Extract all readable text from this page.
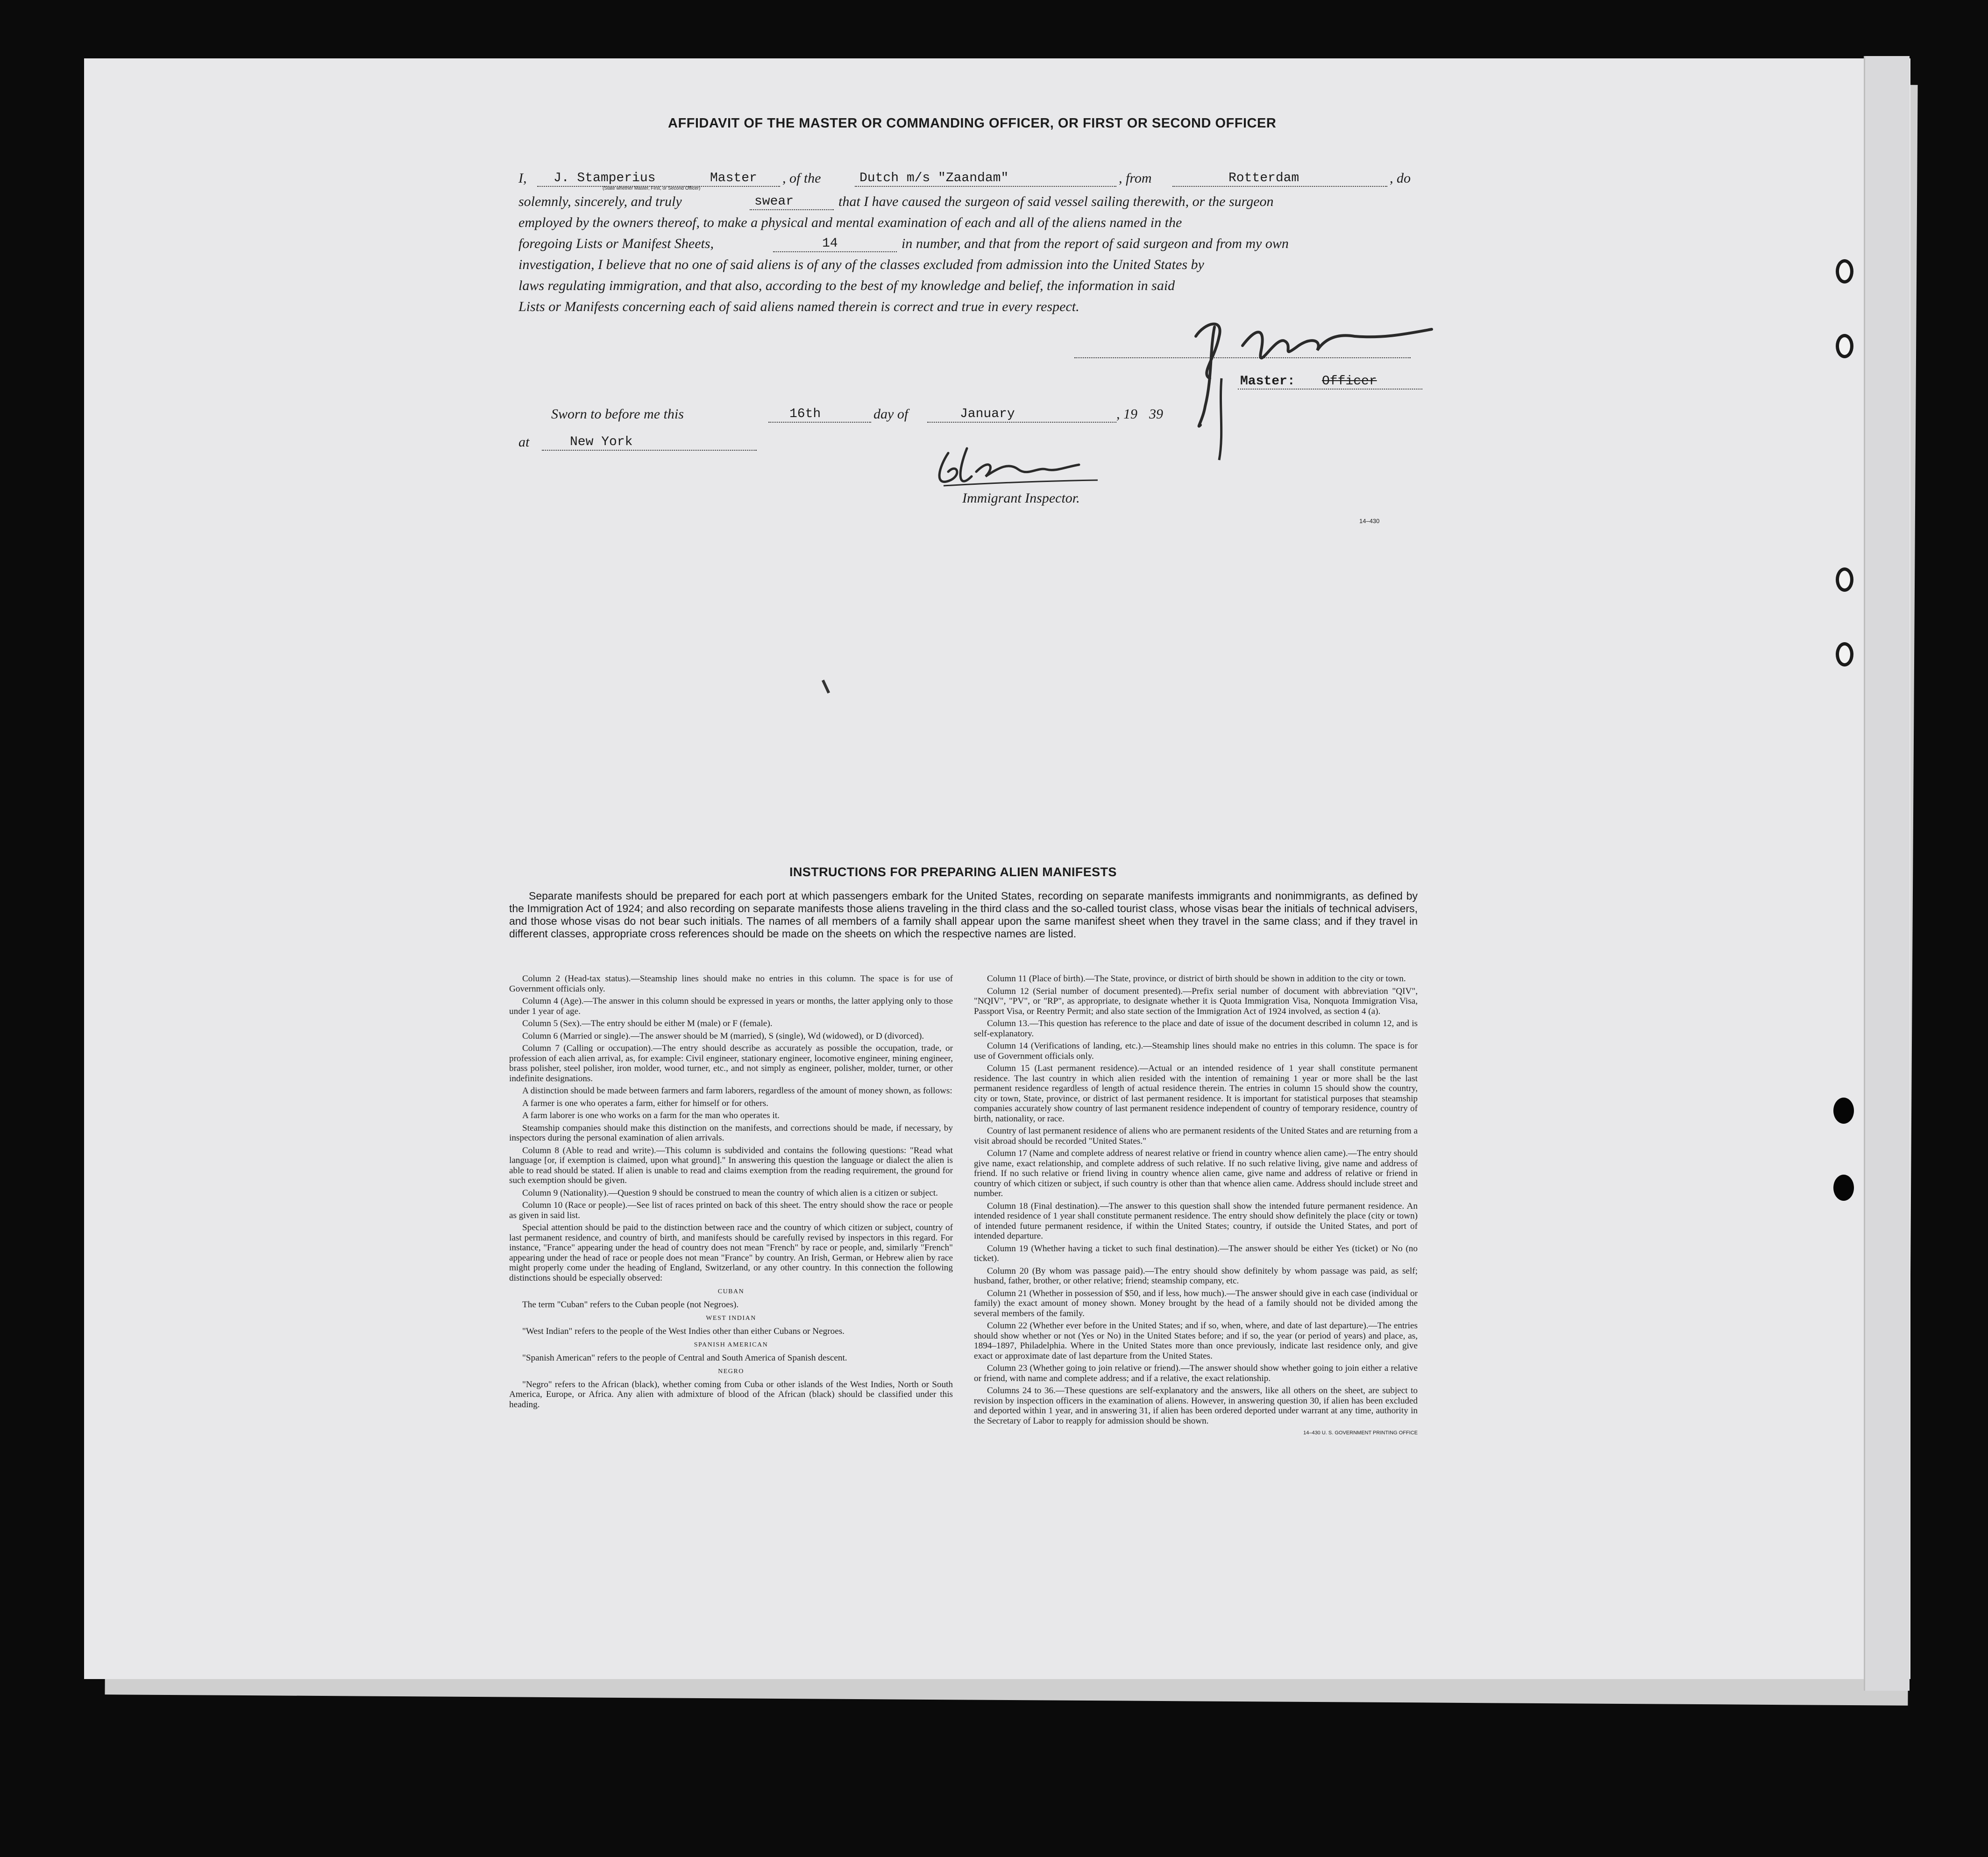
AFFIDAVIT OF THE MASTER OR COMMANDING OFFICER, OR FIRST OR SECOND OFFICER
I, J. Stamperius	Master
(State whether Master, First, or Second Officer)
, of the	Dutch m/s "Zaandam"	, from	Rotterdam	, do
solemnly, sincerely, and truly	swear	that I have caused the surgeon of said vessel sailing therewith, or the surgeon
employed by the owners thereof, to make a physical and mental examination of each and all of the aliens named in the
foregoing Lists or Manifest Sheets,	14	in number, and that from the report of said surgeon and from my own
investigation, I believe that no one of said aliens is of any of the classes excluded from admission into the United States by
laws regulating immigration, and that also, according to the best of my knowledge and belief, the information in said
Lists or Manifests concerning each of said aliens named therein is correct and true in every respect.
Master: Officer
Sworn to before me this	16th	day of	January	, 19 39
at	New York
Immigrant Inspector.
14–430
INSTRUCTIONS FOR PREPARING ALIEN MANIFESTS
Separate manifests should be prepared for each port at which passengers embark for the United States, recording on separate manifests immigrants and nonimmigrants, as defined by the Immigration Act of 1924; and also recording on separate manifests those aliens traveling in the third class and the so-called tourist class, whose visas bear the initials of technical advisers, and those whose visas do not bear such initials. The names of all members of a family shall appear upon the same manifest sheet when they travel in the same class; and if they travel in different classes, appropriate cross references should be made on the sheets on which the respective names are listed.

Column 2 (Head-tax status).—Steamship lines should make no entries in this column. The space is for use of Government officials only.

Column 4 (Age).—The answer in this column should be expressed in years or months, the latter applying only to those under 1 year of age.

Column 5 (Sex).—The entry should be either M (male) or F (female).

Column 6 (Married or single).—The answer should be M (married), S (single), Wd (widowed), or D (divorced).

Column 7 (Calling or occupation).—The entry should describe as accurately as possible the occupation, trade, or profession of each alien arrival, as, for example: Civil engineer, stationary engineer, locomotive engineer, mining engineer, brass polisher, steel polisher, iron molder, wood turner, etc., and not simply as engineer, polisher, molder, turner, or other indefinite designations.

A distinction should be made between farmers and farm laborers, regardless of the amount of money shown, as follows:

A farmer is one who operates a farm, either for himself or for others.

A farm laborer is one who works on a farm for the man who operates it.

Steamship companies should make this distinction on the manifests, and corrections should be made, if necessary, by inspectors during the personal examination of alien arrivals.

Column 8 (Able to read and write).—This column is subdivided and contains the following questions: "Read what language [or, if exemption is claimed, upon what ground]." In answering this question the language or dialect the alien is able to read should be stated. If alien is unable to read and claims exemption from the reading requirement, the ground for such exemption should be given.

Column 9 (Nationality).—Question 9 should be construed to mean the country of which alien is a citizen or subject.

Column 10 (Race or people).—See list of races printed on back of this sheet. The entry should show the race or people as given in said list.

Special attention should be paid to the distinction between race and the country of which citizen or subject, country of last permanent residence, and country of birth, and manifests should be carefully revised by inspectors in this regard. For instance, "France" appearing under the head of country does not mean "French" by race or people, and, similarly "French" appearing under the head of race or people does not mean "France" by country. An Irish, German, or Hebrew alien by race might properly come under the heading of England, Switzerland, or any other country. In this connection the following distinctions should be especially observed:

CUBAN

The term "Cuban" refers to the Cuban people (not Negroes).

WEST INDIAN

"West Indian" refers to the people of the West Indies other than either Cubans or Negroes.

SPANISH AMERICAN

"Spanish American" refers to the people of Central and South America of Spanish descent.

NEGRO

"Negro" refers to the African (black), whether coming from Cuba or other islands of the West Indies, North or South America, Europe, or Africa. Any alien with admixture of blood of the African (black) should be classified under this heading.

Column 11 (Place of birth).—The State, province, or district of birth should be shown in addition to the city or town.

Column 12 (Serial number of document presented).—Prefix serial number of document with abbreviation "QIV", "NQIV", "PV", or "RP", as appropriate, to designate whether it is Quota Immigration Visa, Nonquota Immigration Visa, Passport Visa, or Reentry Permit; and also state section of the Immigration Act of 1924 involved, as section 4 (a).

Column 13.—This question has reference to the place and date of issue of the document described in column 12, and is self-explanatory.

Column 14 (Verifications of landing, etc.).—Steamship lines should make no entries in this column. The space is for use of Government officials only.

Column 15 (Last permanent residence).—Actual or an intended residence of 1 year shall constitute permanent residence. The last country in which alien resided with the intention of remaining 1 year or more shall be the last permanent residence regardless of length of actual residence therein. The entries in column 15 should show the country, city or town, State, province, or district of last permanent residence. It is important for statistical purposes that steamship companies accurately show country of last permanent residence independent of country of temporary residence, country of birth, nationality, or race.

Country of last permanent residence of aliens who are permanent residents of the United States and are returning from a visit abroad should be recorded "United States."

Column 17 (Name and complete address of nearest relative or friend in country whence alien came).—The entry should give name, exact relationship, and complete address of such relative. If no such relative living, give name and address of friend. If no such relative or friend living in country whence alien came, give name and address of relative or friend in country of which citizen or subject, if such country is other than that whence alien came. Address should include street and number.

Column 18 (Final destination).—The answer to this question shall show the intended future permanent residence. An intended residence of 1 year shall constitute permanent residence. The entry should show definitely the place (city or town) of intended future permanent residence, if within the United States; country, if outside the United States, and port of intended departure.

Column 19 (Whether having a ticket to such final destination).—The answer should be either Yes (ticket) or No (no ticket).

Column 20 (By whom was passage paid).—The entry should show definitely by whom passage was paid, as self; husband, father, brother, or other relative; friend; steamship company, etc.

Column 21 (Whether in possession of $50, and if less, how much).—The answer should give in each case (individual or family) the exact amount of money shown. Money brought by the head of a family should not be divided among the several members of the family.

Column 22 (Whether ever before in the United States; and if so, when, where, and date of last departure).—The entries should show whether or not (Yes or No) in the United States before; and if so, the year (or period of years) and place, as, 1894–1897, Philadelphia. Where in the United States more than once previously, indicate last residence only, and give exact or approximate date of last departure from the United States.

Column 23 (Whether going to join relative or friend).—The answer should show whether going to join either a relative or friend, with name and complete address; and if a relative, the exact relationship.

Columns 24 to 36.—These questions are self-explanatory and the answers, like all others on the sheet, are subject to revision by inspection officers in the examination of aliens. However, in answering question 30, if alien has been excluded and deported within 1 year, and in answering 31, if alien has been ordered deported under warrant at any time, authority in the Secretary of Labor to reapply for admission should be shown.

14–430 U. S. GOVERNMENT PRINTING OFFICE
